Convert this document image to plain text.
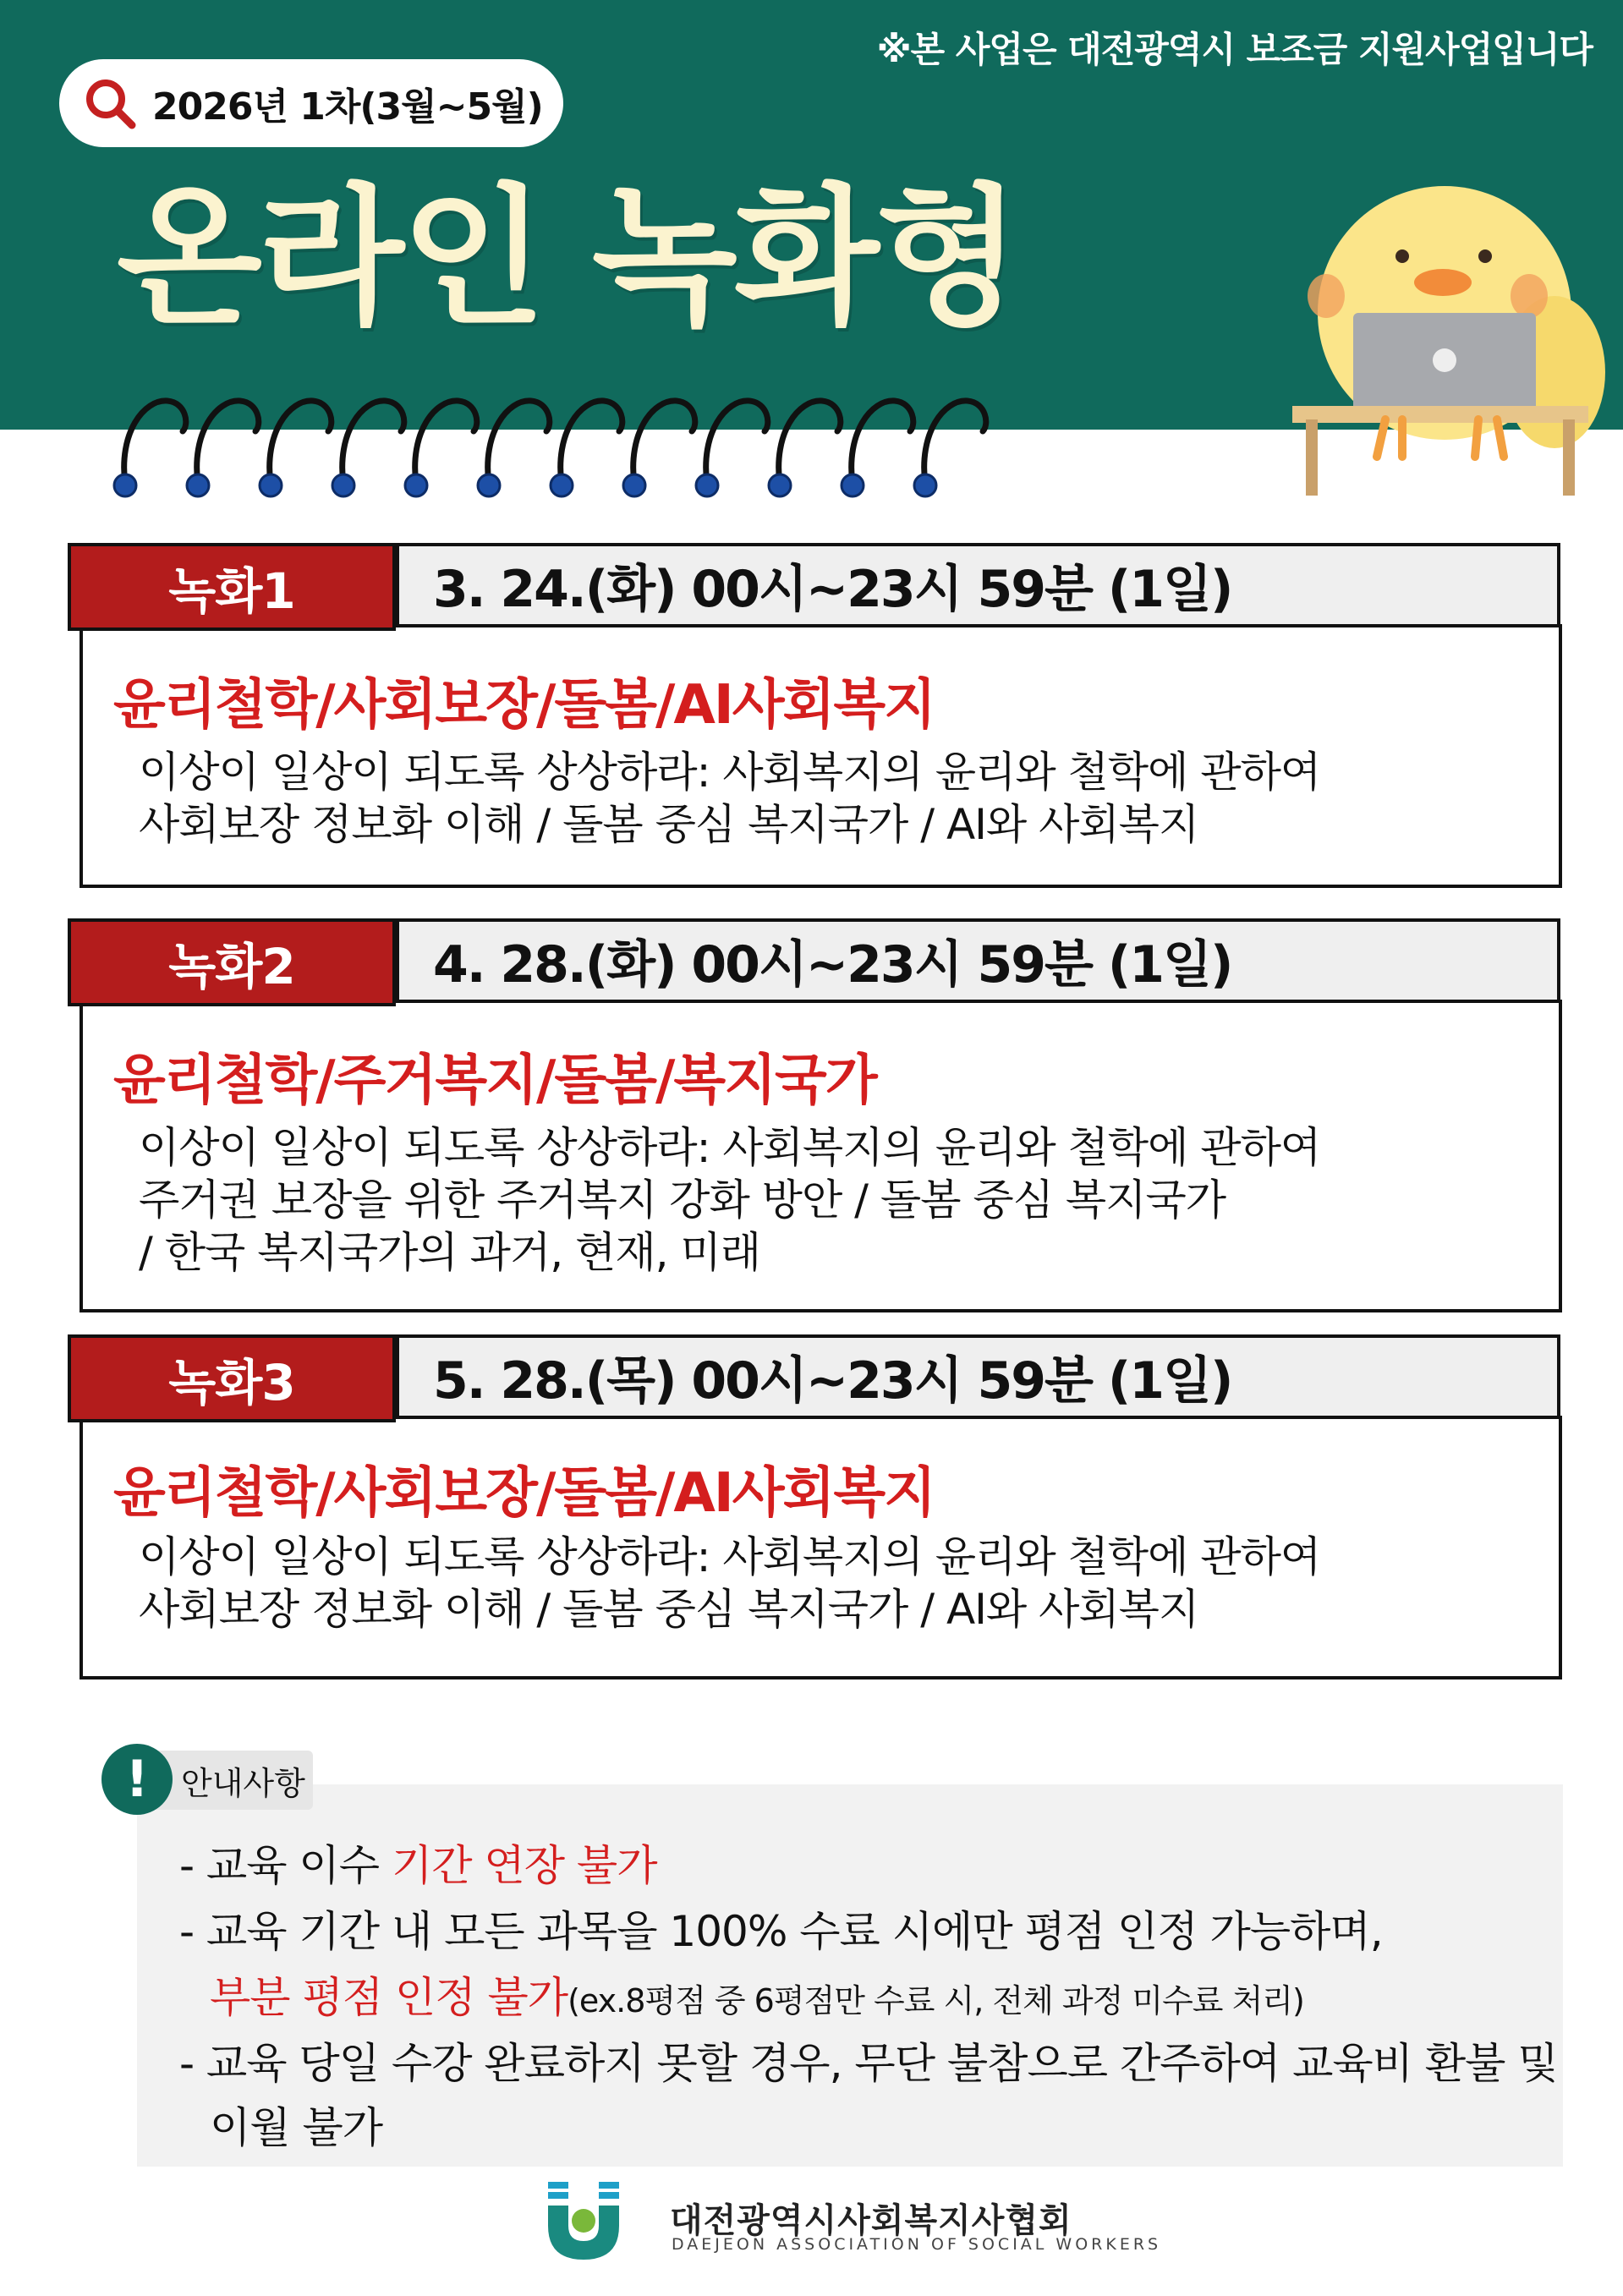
※본 사업은 대전광역시 보조금 지원사업입니다
2026년 1차(3월~5월)
온라인 녹화형
3. 24.(화) 00시~23시 59분 (1일)
녹화1
윤리철학/사회보장/돌봄/AI사회복지
이상이 일상이 되도록 상상하라: 사회복지의 윤리와 철학에 관하여
사회보장 정보화 이해 / 돌봄 중심 복지국가 / AI와 사회복지
4. 28.(화) 00시~23시 59분 (1일)
녹화2
윤리철학/주거복지/돌봄/복지국가
이상이 일상이 되도록 상상하라: 사회복지의 윤리와 철학에 관하여
주거권 보장을 위한 주거복지 강화 방안 / 돌봄 중심 복지국가
/ 한국 복지국가의 과거, 현재, 미래
5. 28.(목) 00시~23시 59분 (1일)
녹화3
윤리철학/사회보장/돌봄/AI사회복지
이상이 일상이 되도록 상상하라: 사회복지의 윤리와 철학에 관하여
사회보장 정보화 이해 / 돌봄 중심 복지국가 / AI와 사회복지
!	안내사항
- 교육 이수 기간 연장 불가
- 교육 기간 내 모든 과목을 100% 수료 시에만 평점 인정 가능하며,
부분 평점 인정 불가(ex.8평점 중 6평점만 수료 시, 전체 과정 미수료 처리)
- 교육 당일 수강 완료하지 못할 경우, 무단 불참으로 간주하여 교육비 환불 및
이월 불가
대전광역시사회복지사협회
DAEJEON ASSOCIATION OF SOCIAL WORKERS
